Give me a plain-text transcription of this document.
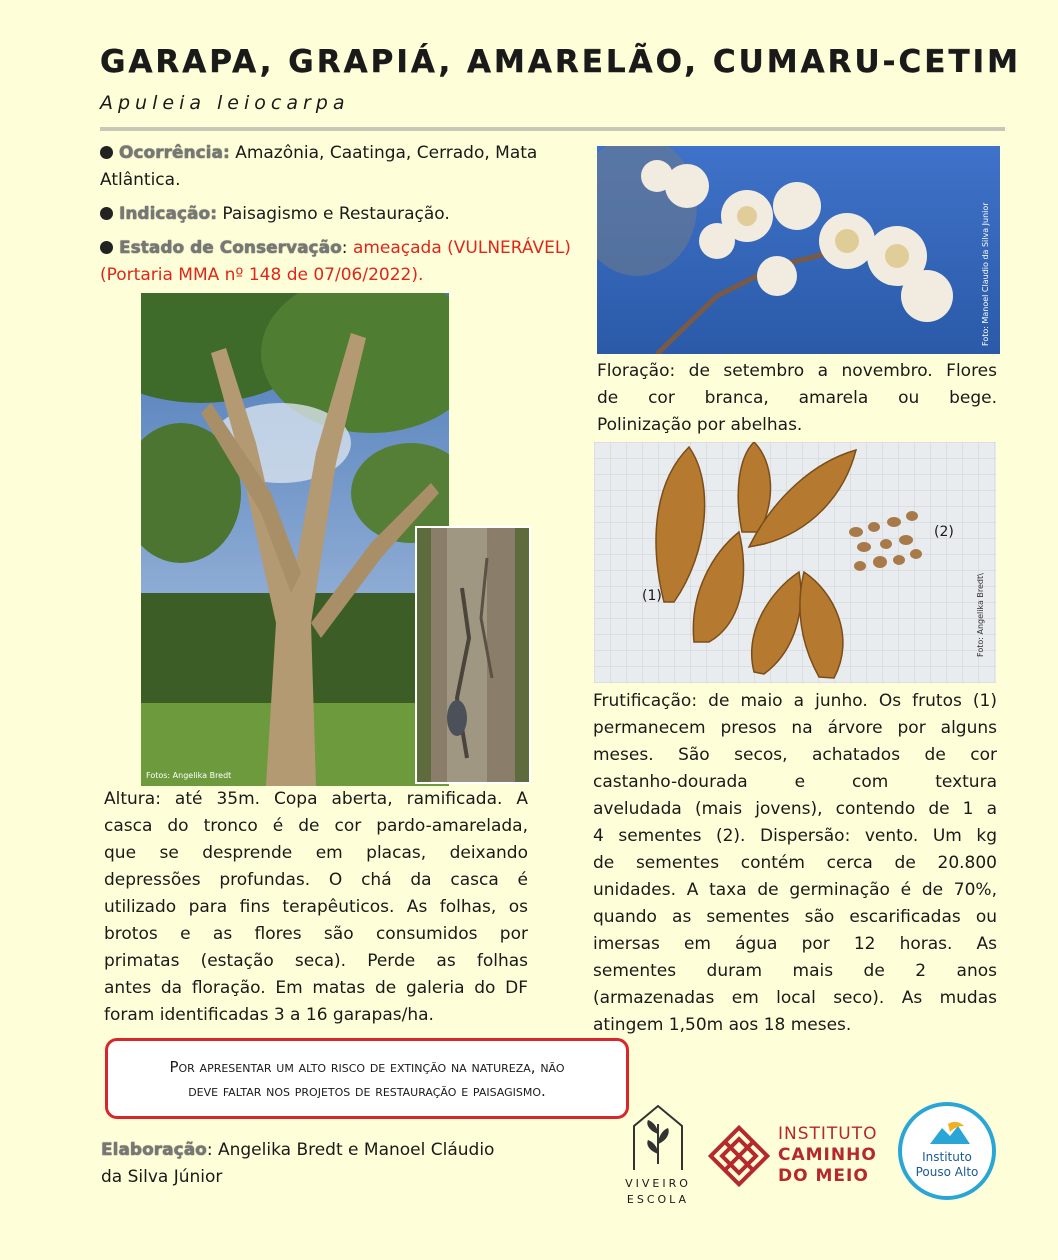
GARAPA, GRAPIÁ, AMARELÃO, CUMARU-CETIM
Apuleia leiocarpa
Ocorrência: Amazônia, Caatinga, Cerrado, Mata
Atlântica.
Indicação: Paisagismo e Restauração.
Estado de Conservação: ameaçada (VULNERÁVEL)
(Portaria MMA nº 148 de 07/06/2022).
Fotos: Angelika Bredt
Foto: Manoel Claudio da Silva Junior
Floração: de setembro a novembro. Flores
de cor branca, amarela ou bege.
Polinização por abelhas.
(1)
(2)
Foto: Angelika Bredt\
Frutificação: de maio a junho. Os frutos (1)
permanecem presos na árvore por alguns
meses. São secos, achatados de cor
castanho-dourada e com textura
aveludada (mais jovens), contendo de 1 a
4 sementes (2). Dispersão: vento. Um kg
de sementes contém cerca de 20.800
unidades. A taxa de germinação é de 70%,
quando as sementes são escarificadas ou
imersas em água por 12 horas. As
sementes duram mais de 2 anos
(armazenadas em local seco). As mudas
atingem 1,50m aos 18 meses.
Altura: até 35m. Copa aberta, ramificada. A
casca do tronco é de cor pardo-amarelada,
que se desprende em placas, deixando
depressões profundas. O chá da casca é
utilizado para fins terapêuticos. As folhas, os
brotos e as flores são consumidos por
primatas (estação seca). Perde as folhas
antes da floração. Em matas de galeria do DF
foram identificadas 3 a 16 garapas/ha.
Por apresentar um alto risco de extinção na natureza, não
deve faltar nos projetos de restauração e paisagismo.
Elaboração: Angelika Bredt e Manoel Cláudio
da Silva Júnior	VIVEIRO
ESCOLA
INSTITUTO
CAMINHO
DO MEIO
Instituto
Pouso Alto
